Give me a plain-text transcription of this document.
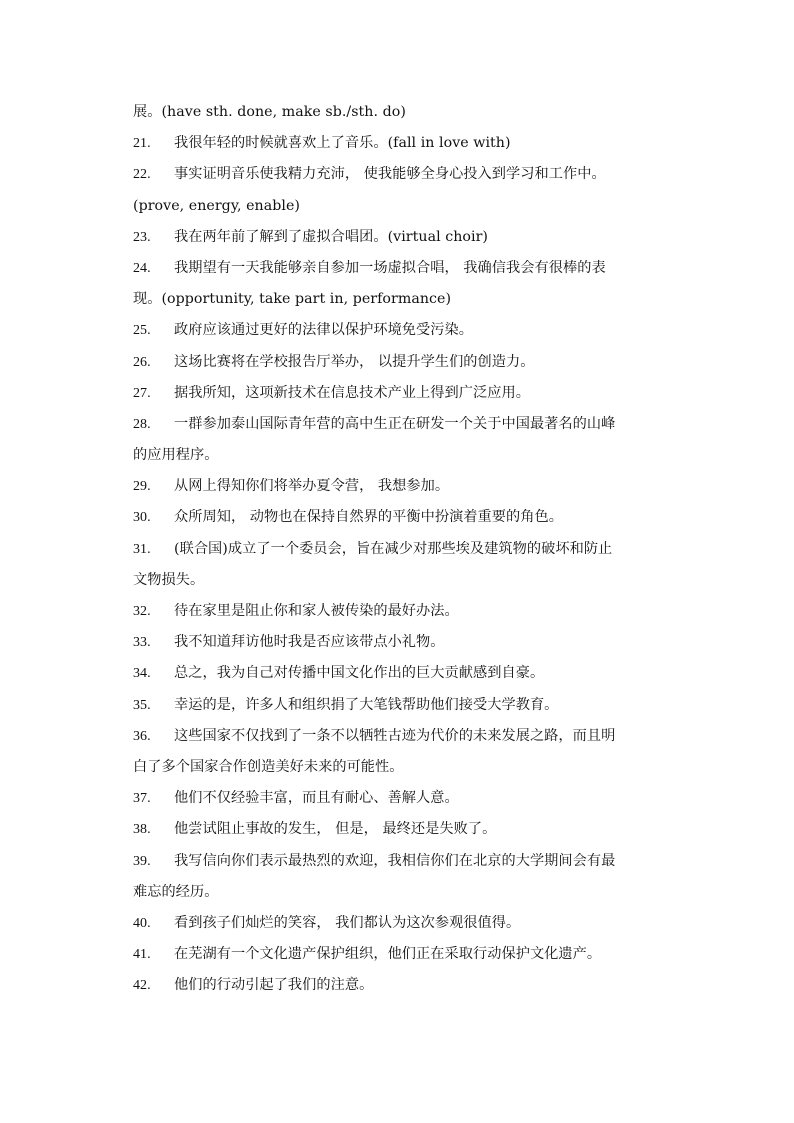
展。(have sth. done, make sb./sth. do)
21. 我很年轻的时候就喜欢上了音乐。(fall in love with)
22. 事实证明音乐使我精力充沛， 使我能够全身心投入到学习和工作中。
(prove, energy, enable)
23. 我在两年前了解到了虚拟合唱团。(virtual choir)
24. 我期望有一天我能够亲自参加一场虚拟合唱， 我确信我会有很棒的表
现。(opportunity, take part in, performance)
25. 政府应该通过更好的法律以保护环境免受污染。
26. 这场比赛将在学校报告厅举办， 以提升学生们的创造力。
27. 据我所知，这项新技术在信息技术产业上得到广泛应用。
28. 一群参加泰山国际青年营的高中生正在研发一个关于中国最著名的山峰
的应用程序。
29. 从网上得知你们将举办夏令营， 我想参加。
30. 众所周知， 动物也在保持自然界的平衡中扮演着重要的角色。
31. (联合国)成立了一个委员会，旨在减少对那些埃及建筑物的破坏和防止
文物损失。
32. 待在家里是阻止你和家人被传染的最好办法。
33. 我不知道拜访他时我是否应该带点小礼物。
34. 总之，我为自己对传播中国文化作出的巨大贡献感到自豪。
35. 幸运的是，许多人和组织捐了大笔钱帮助他们接受大学教育。
36. 这些国家不仅找到了一条不以牺牲古迹为代价的未来发展之路，而且明
白了多个国家合作创造美好未来的可能性。
37. 他们不仅经验丰富，而且有耐心、善解人意。
38. 他尝试阻止事故的发生， 但是， 最终还是失败了。
39. 我写信向你们表示最热烈的欢迎，我相信你们在北京的大学期间会有最
难忘的经历。
40. 看到孩子们灿烂的笑容， 我们都认为这次参观很值得。
41. 在芜湖有一个文化遗产保护组织，他们正在采取行动保护文化遗产。
42. 他们的行动引起了我们的注意。
